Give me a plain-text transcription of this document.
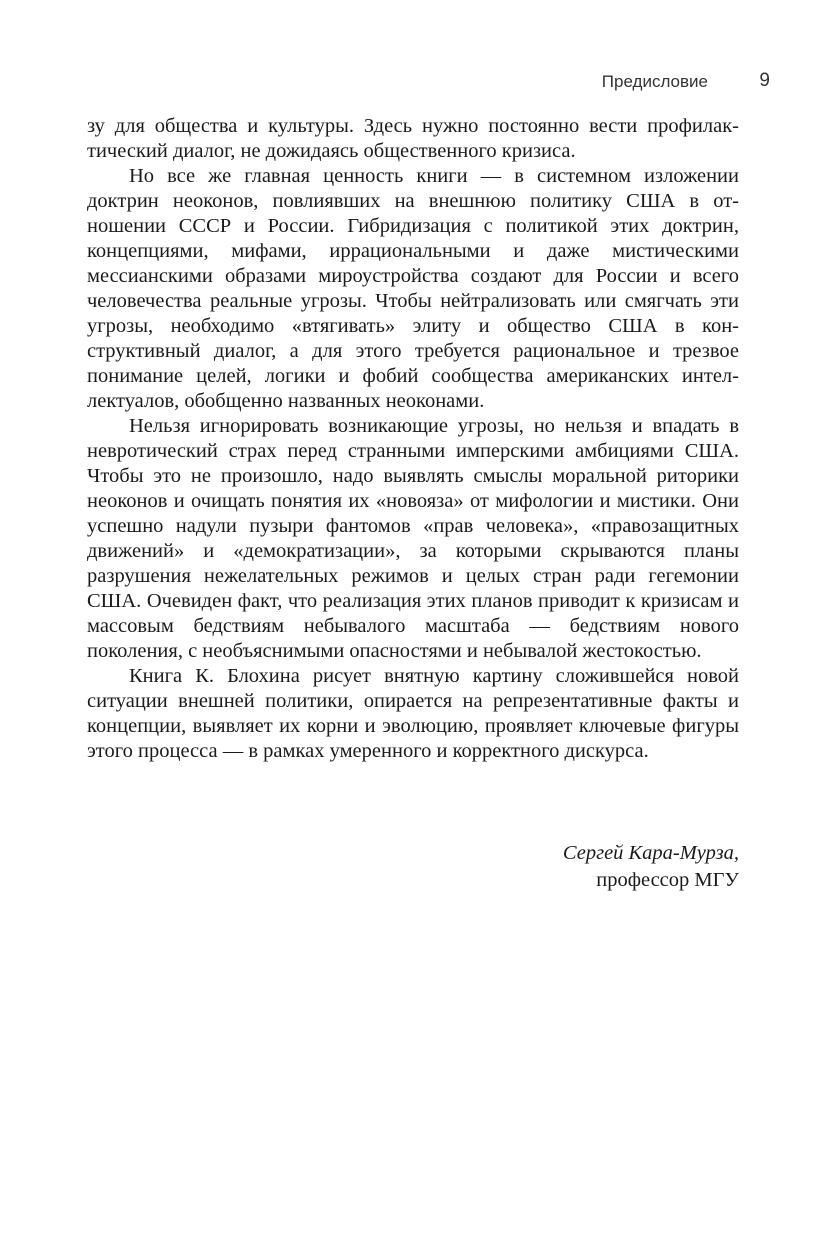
Предисловие	9

зу для общества и культуры. Здесь нужно постоянно вести профилактический диалог, не дожидаясь общественного кризиса.

Но все же главная ценность книги — в системном изложении доктрин неоконов, повлиявших на внешнюю политику США в отношении СССР и России. Гибридизация с политикой этих доктрин, концепциями, мифами, иррациональными и даже мистическими мессианскими образами мироустройства создают для России и всего человечества реальные угрозы. Чтобы нейтрализовать или смягчать эти угрозы, необходимо «втягивать» элиту и общество США в конструктивный диалог, а для этого требуется рациональное и трезвое понимание целей, логики и фобий сообщества американских интеллектуалов, обобщенно названных неоконами.

Нельзя игнорировать возникающие угрозы, но нельзя и впадать в невротический страх перед странными имперскими амбициями США. Чтобы это не произошло, надо выявлять смыслы моральной риторики неоконов и очищать понятия их «новояза» от мифологии и мистики. Они успешно надули пузыри фантомов «прав человека», «правозащитных движений» и «демократизации», за которыми скрываются планы разрушения нежелательных режимов и целых стран ради гегемонии США. Очевиден факт, что реализация этих планов приводит к кризисам и массовым бедствиям небывалого масштаба — бедствиям нового поколения, с необъяснимыми опасностями и небывалой жестокостью.

Книга К. Блохина рисует внятную картину сложившейся новой ситуации внешней политики, опирается на репрезентативные факты и концепции, выявляет их корни и эволюцию, проявляет ключевые фигуры этого процесса — в рамках умеренного и корректного дискурса.

Сергей Кара-Мурза,
профессор МГУ
